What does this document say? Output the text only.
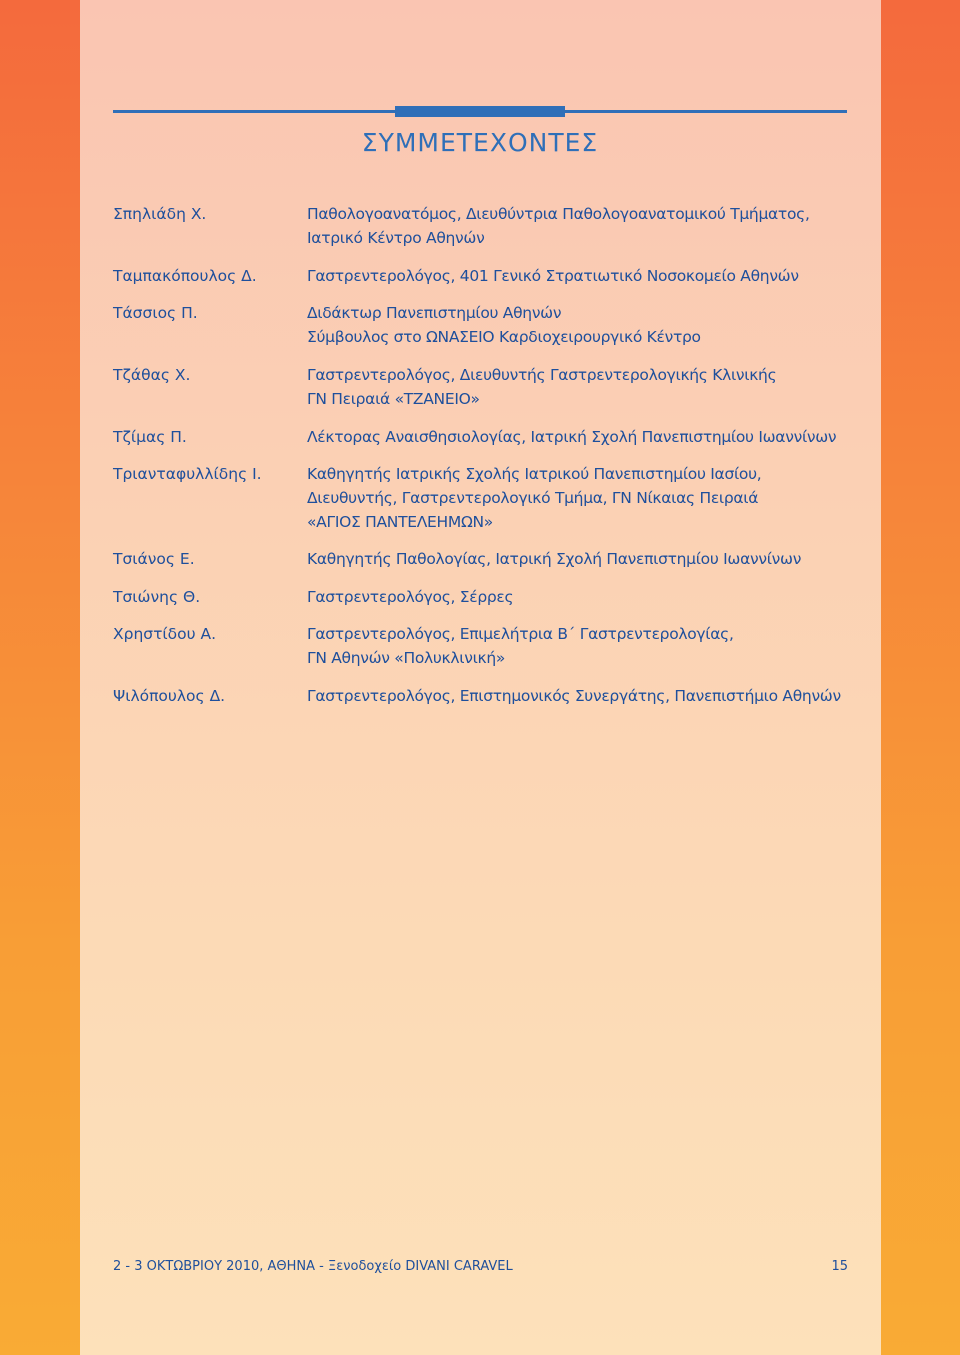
ΣΥΜΜΕΤΕΧΟΝΤΕΣ
Σπηλιάδη Χ.	Παθολογοανατόμος, Διευθύντρια Παθολογοανατομικού Τμήματος,
Ιατρικό Κέντρο Αθηνών
Ταμπακόπουλος Δ.	Γαστρεντερολόγος, 401 Γενικό Στρατιωτικό Νοσοκομείο Αθηνών
Τάσσιος Π.	Διδάκτωρ Πανεπιστημίου Αθηνών
Σύμβουλος στο ΩΝΑΣΕΙΟ Καρδιοχειρουργικό Κέντρο
Τζάθας Χ.	Γαστρεντερολόγος, Διευθυντής Γαστρεντερολογικής Κλινικής
ΓΝ Πειραιά «ΤΖΑΝΕΙΟ»
Τζίμας Π.	Λέκτορας Αναισθησιολογίας, Ιατρική Σχολή Πανεπιστημίου Ιωαννίνων
Τριανταφυλλίδης Ι.	Καθηγητής Ιατρικής Σχολής Ιατρικού Πανεπιστημίου Ιασίου,
Διευθυντής, Γαστρεντερολογικό Τμήμα, ΓΝ Νίκαιας Πειραιά
«ΑΓΙΟΣ ΠΑΝΤΕΛΕΗΜΩΝ»
Τσιάνος Ε.	Καθηγητής Παθολογίας, Ιατρική Σχολή Πανεπιστημίου Ιωαννίνων
Τσιώνης Θ.	Γαστρεντερολόγος, Σέρρες
Χρηστίδου Α.	Γαστρεντερολόγος, Επιμελήτρια Β΄ Γαστρεντερολογίας,
ΓΝ Αθηνών «Πολυκλινική»
Ψιλόπουλος Δ.	Γαστρεντερολόγος, Επιστημονικός Συνεργάτης, Πανεπιστήμιο Αθηνών
2 - 3 ΟΚΤΩΒΡΙΟΥ 2010, ΑΘΗΝΑ - Ξενοδοχείο DIVANI CARAVEL	15
